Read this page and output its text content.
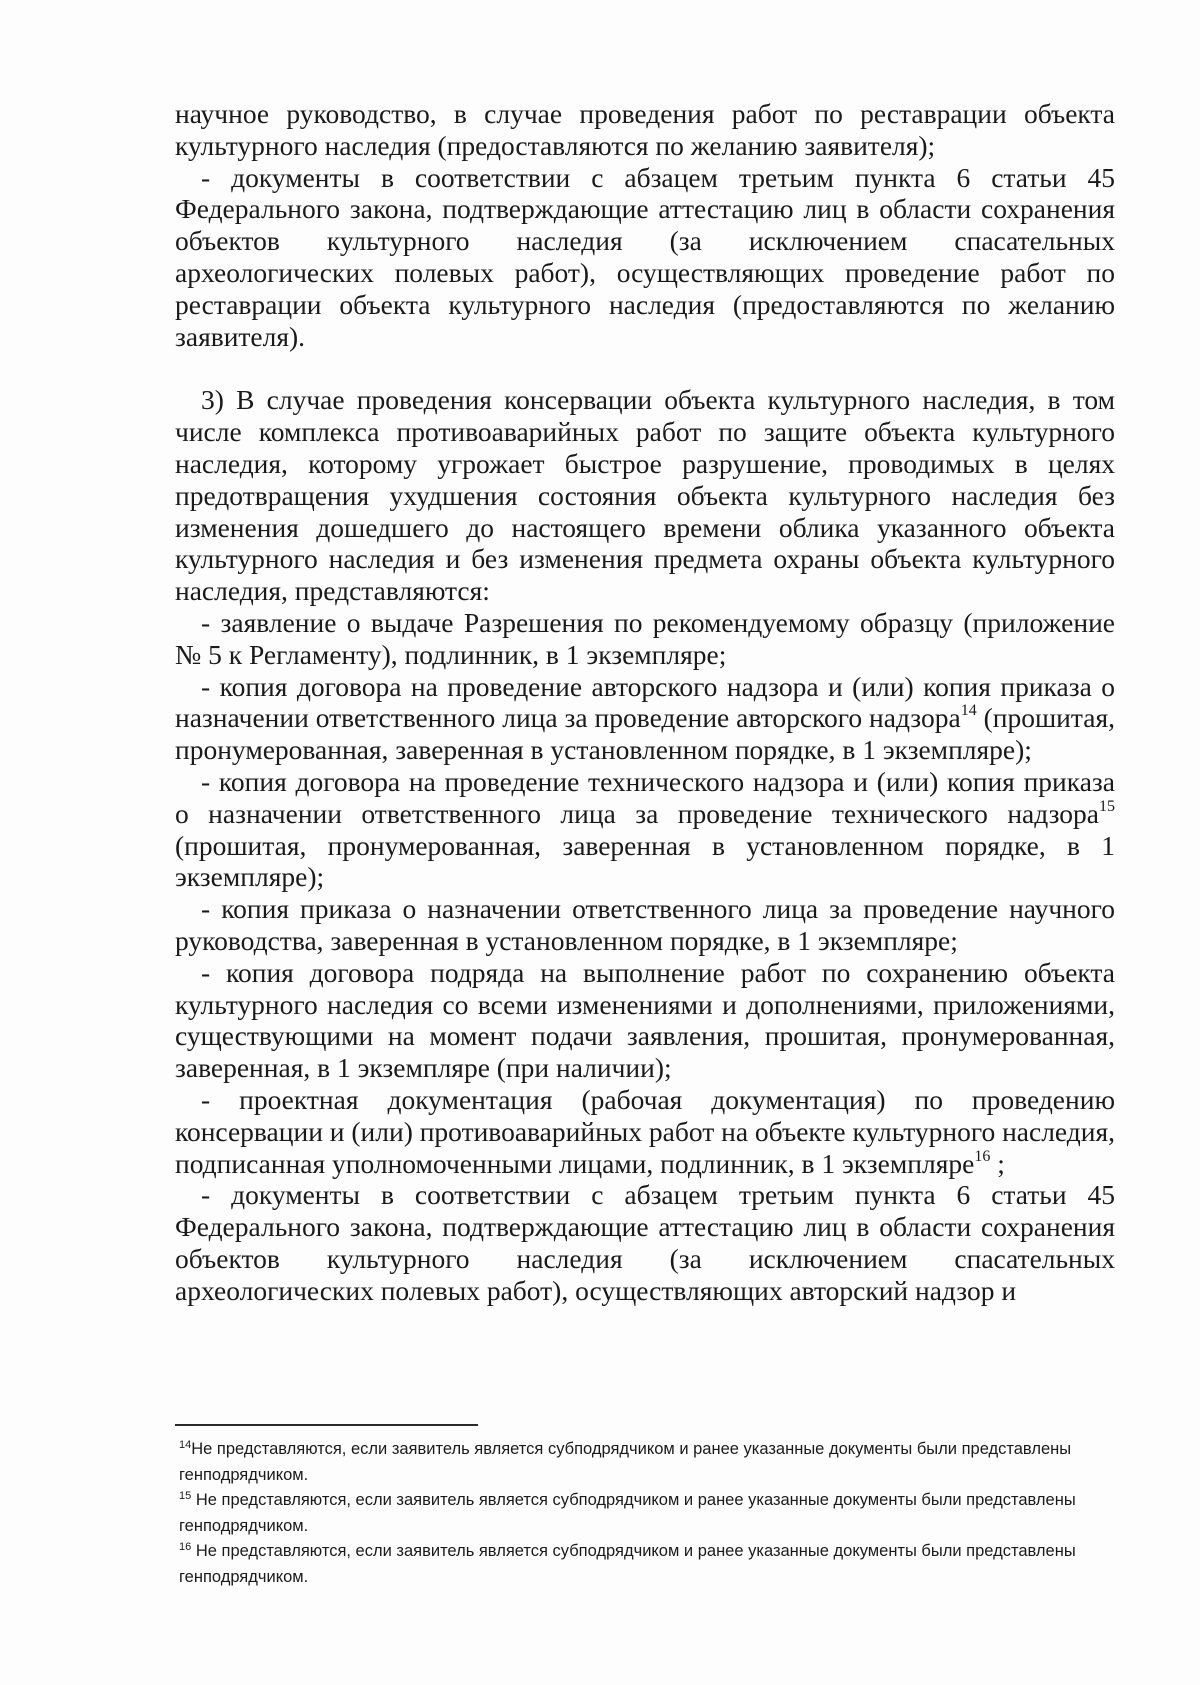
научное руководство, в случае проведения работ по реставрации объекта культурного наследия (предоставляются по желанию заявителя);

- документы в соответствии с абзацем третьим пункта 6 статьи 45 Федерального закона, подтверждающие аттестацию лиц в области сохранения объектов культурного наследия (за исключением спасательных археологических полевых работ), осуществляющих проведение работ по реставрации объекта культурного наследия (предоставляются по желанию заявителя).

3) В случае проведения консервации объекта культурного наследия, в том числе комплекса противоаварийных работ по защите объекта культурного наследия, которому угрожает быстрое разрушение, проводимых в целях предотвращения ухудшения состояния объекта культурного наследия без изменения дошедшего до настоящего времени облика указанного объекта культурного наследия и без изменения предмета охраны объекта культурного наследия, представляются:

- заявление о выдаче Разрешения по рекомендуемому образцу (приложение № 5 к Регламенту), подлинник, в 1 экземпляре;

- копия договора на проведение авторского надзора и (или) копия приказа о назначении ответственного лица за проведение авторского надзора$^{14}$ (прошитая, пронумерованная, заверенная в установленном порядке, в 1 экземпляре);

- копия договора на проведение технического надзора и (или) копия приказа о назначении ответственного лица за проведение технического надзора$^{15}$ (прошитая, пронумерованная, заверенная в установленном порядке, в 1 экземпляре);

- копия приказа о назначении ответственного лица за проведение научного руководства, заверенная в установленном порядке, в 1 экземпляре;

- копия договора подряда на выполнение работ по сохранению объекта культурного наследия со всеми изменениями и дополнениями, приложениями, существующими на момент подачи заявления, прошитая, пронумерованная, заверенная, в 1 экземпляре (при наличии);

- проектная документация (рабочая документация) по проведению консервации и (или) противоаварийных работ на объекте культурного наследия, подписанная уполномоченными лицами, подлинник, в 1 экземпляре$^{16}$ ;

- документы в соответствии с абзацем третьим пункта 6 статьи 45 Федерального закона, подтверждающие аттестацию лиц в области сохранения объектов культурного наследия (за исключением спасательных археологических полевых работ), осуществляющих авторский надзор и

$^{14}$Не представляются, если заявитель является субподрядчиком и ранее указанные документы были представлены генподрядчиком.

$^{15}$ Не представляются, если заявитель является субподрядчиком и ранее указанные документы были представлены генподрядчиком.

$^{16}$ Не представляются, если заявитель является субподрядчиком и ранее указанные документы были представлены генподрядчиком.
